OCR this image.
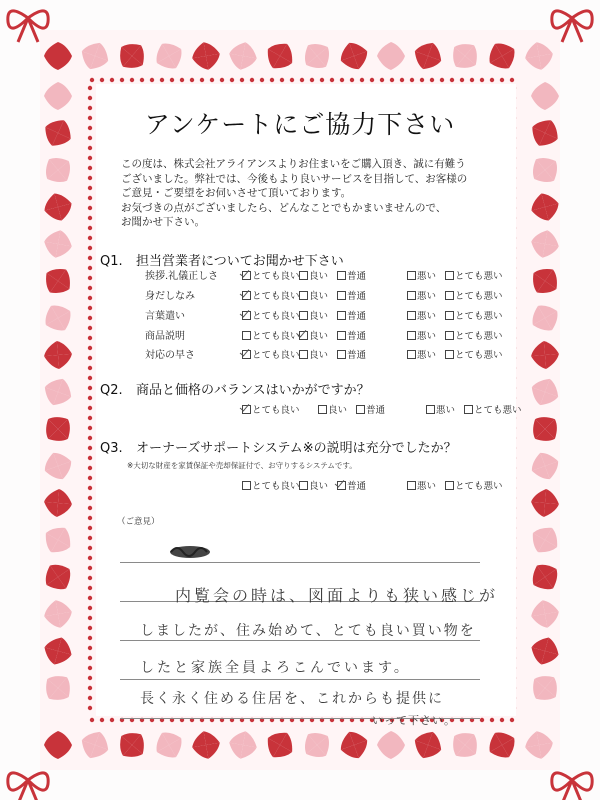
アンケートにご協力下さい

この度は、株式会社アライアンスよりお住まいをご購入頂き、誠に有難う

ございました。弊社では、今後もより良いサービスを目指して、お客様の

ご意見・ご要望をお伺いさせて頂いております。

お気づきの点がございましたら、どんなことでもかまいませんので、

お聞かせ下さい。

Q1. 担当営業者についてお聞かせ下さい
挨拶.礼儀正しさ	とても良い 良い 普通	悪い とても悪い
身だしなみ	とても良い 良い 普通	悪い とても悪い
言葉遣い	とても良い 良い 普通	悪い とても悪い
商品説明	とても良い 良い 普通	悪い とても悪い
対応の早さ	とても良い 良い 普通	悪い とても悪い
Q2. 商品と価格のバランスはいかがですか？
とても良い	良い 普通	悪い とても悪い
Q3. オーナーズサポートシステム※の説明は充分でしたか？
※大切な財産を家賃保証や売却保証付で、お守りするシステムです。
とても良い 良い 普通	悪い とても悪い
（ご意見）
内覧会の時は、図面よりも狭い感じが
しましたが、住み始めて、とても良い買い物を
したと家族全員よろこんでいます。
長く永く住める住居を、これからも提供に
いって下さい。
